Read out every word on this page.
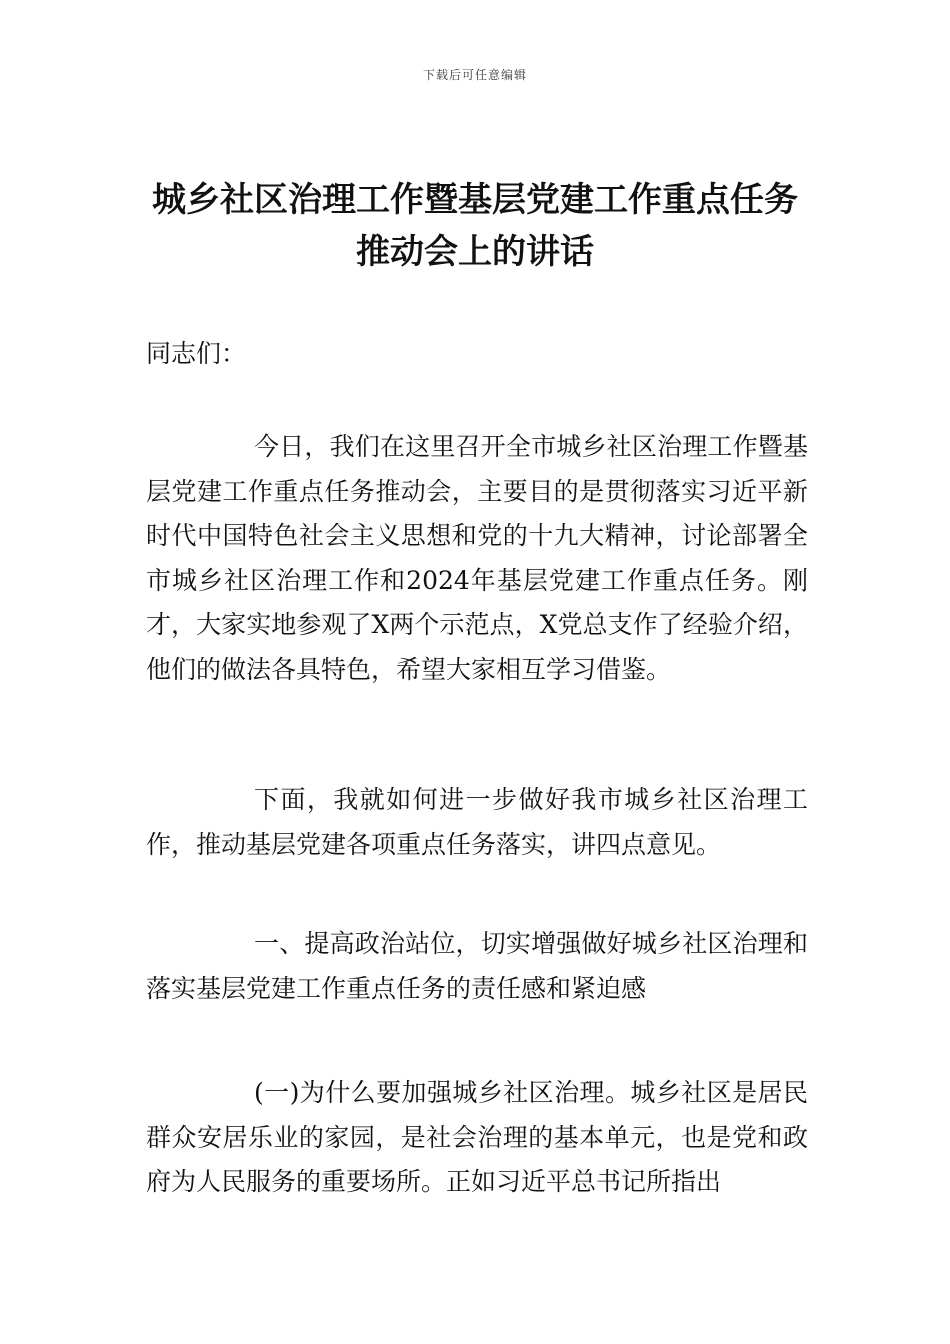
下载后可任意编辑
城乡社区治理工作暨基层党建工作重点任务推动会上的讲话

同志们：

今日，我们在这里召开全市城乡社区治理工作暨基层党建工作重点任务推动会，主要目的是贯彻落实习近平新时代中国特色社会主义思想和党的十九大精神，讨论部署全市城乡社区治理工作和2024年基层党建工作重点任务。刚才，大家实地参观了X两个示范点，X党总支作了经验介绍，他们的做法各具特色，希望大家相互学习借鉴。

下面，我就如何进一步做好我市城乡社区治理工作，推动基层党建各项重点任务落实，讲四点意见。

一、提高政治站位，切实增强做好城乡社区治理和落实基层党建工作重点任务的责任感和紧迫感

(一)为什么要加强城乡社区治理。城乡社区是居民群众安居乐业的家园，是社会治理的基本单元，也是党和政府为人民服务的重要场所。正如习近平总书记所指出
